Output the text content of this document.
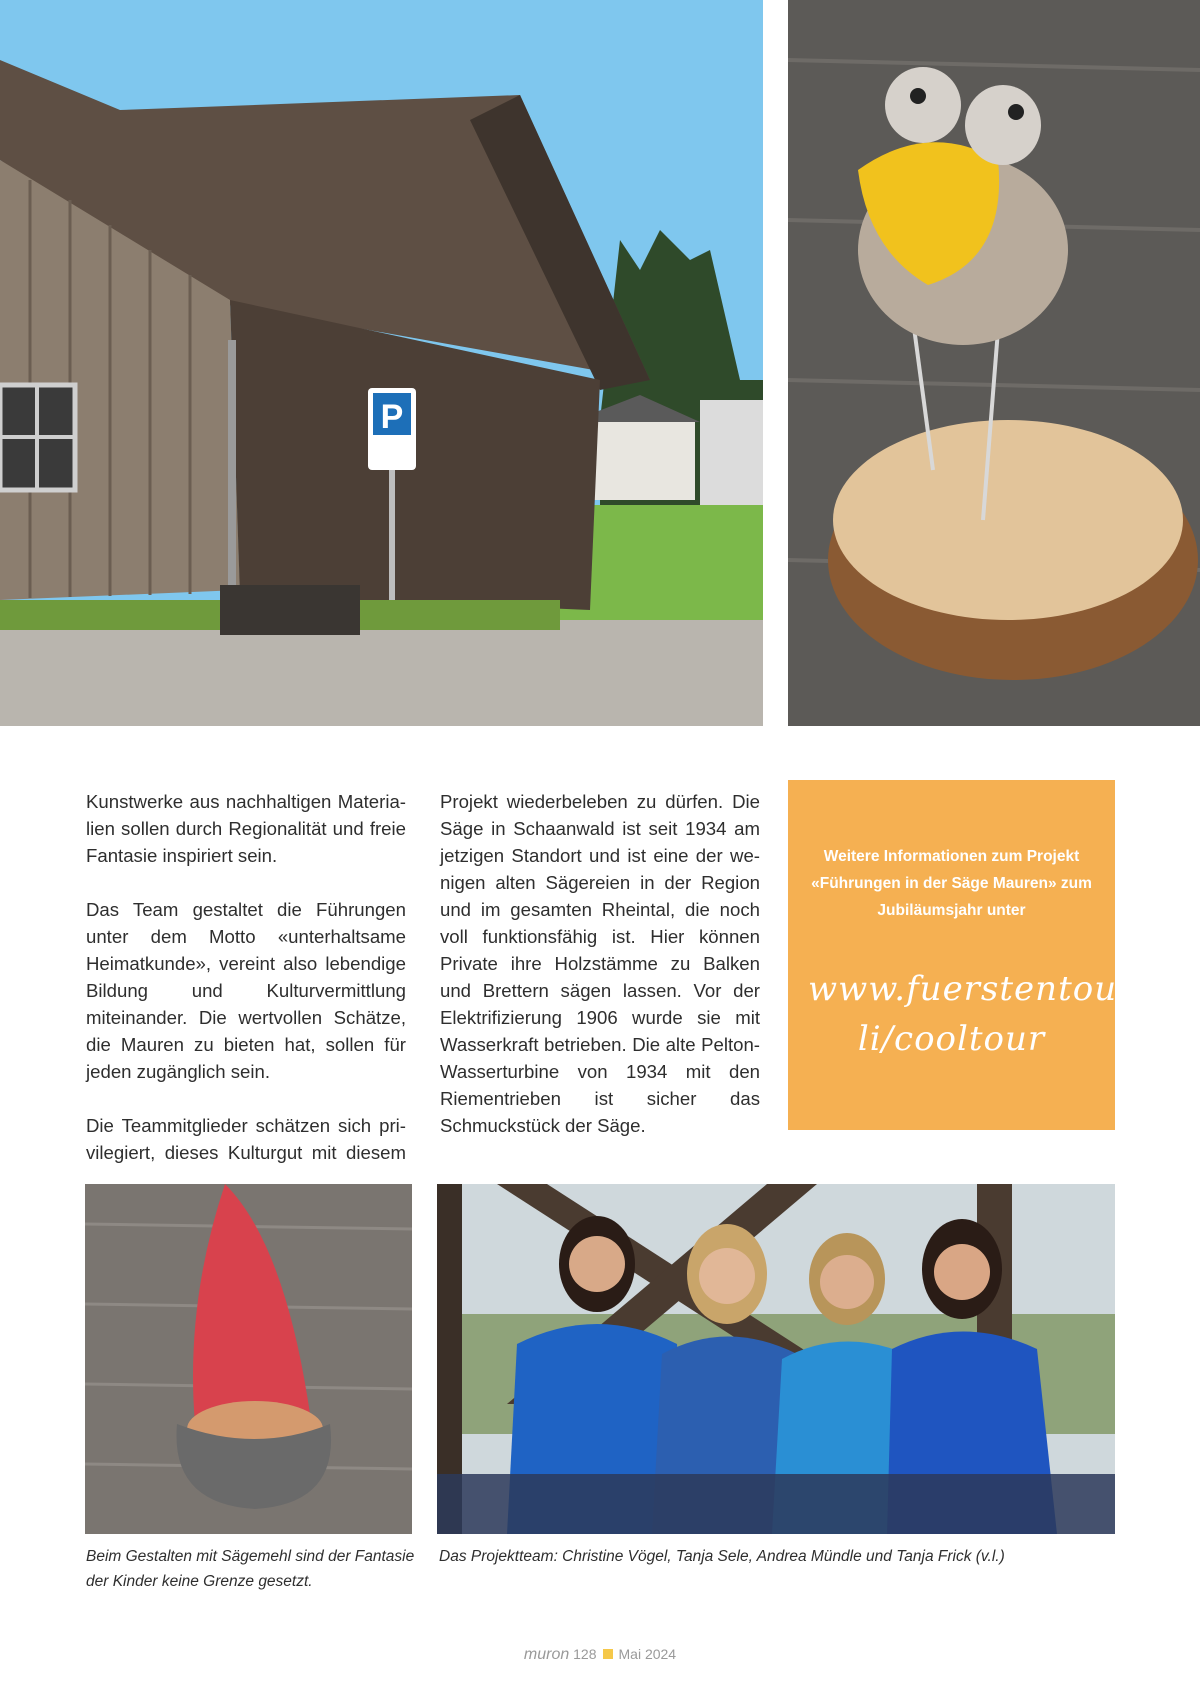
P

Kunstwerke aus nachhaltigen Materialien sollen durch Regionalität und freie Fantasie inspiriert sein.

Das Team gestaltet die Führungen unter dem Motto «unterhaltsame Heimatkunde», vereint also lebendige Bildung und Kulturvermittlung miteinander. Die wertvollen Schätze, die Mauren zu bieten hat, sollen für jeden zugänglich sein.

Die Teammitglieder schätzen sich privilegiert, dieses Kulturgut mit diesem

Projekt wiederbeleben zu dürfen. Die Säge in Schaanwald ist seit 1934 am jetzigen Standort und ist eine der wenigen alten Sägereien in der Region und im gesamten Rheintal, die noch voll funktionsfähig ist. Hier können Private ihre Holzstämme zu Balken und Brettern sägen lassen. Vor der Elektrifizierung 1906 wurde sie mit Wasserkraft betrieben. Die alte Pelton-Wasserturbine von 1934 mit den Riementrieben ist sicher das Schmuckstück der Säge.

Weitere Informationen zum Projekt «Führungen in der Säge Mauren» zum Jubiläumsjahr unter
www.fuerstentour. li/cooltour
Beim Gestalten mit Sägemehl sind der Fantasie der Kinder keine Grenze gesetzt.
Das Projektteam: Christine Vögel, Tanja Sele, Andrea Mündle und Tanja Frick (v.l.)
muron 128 Mai 2024
